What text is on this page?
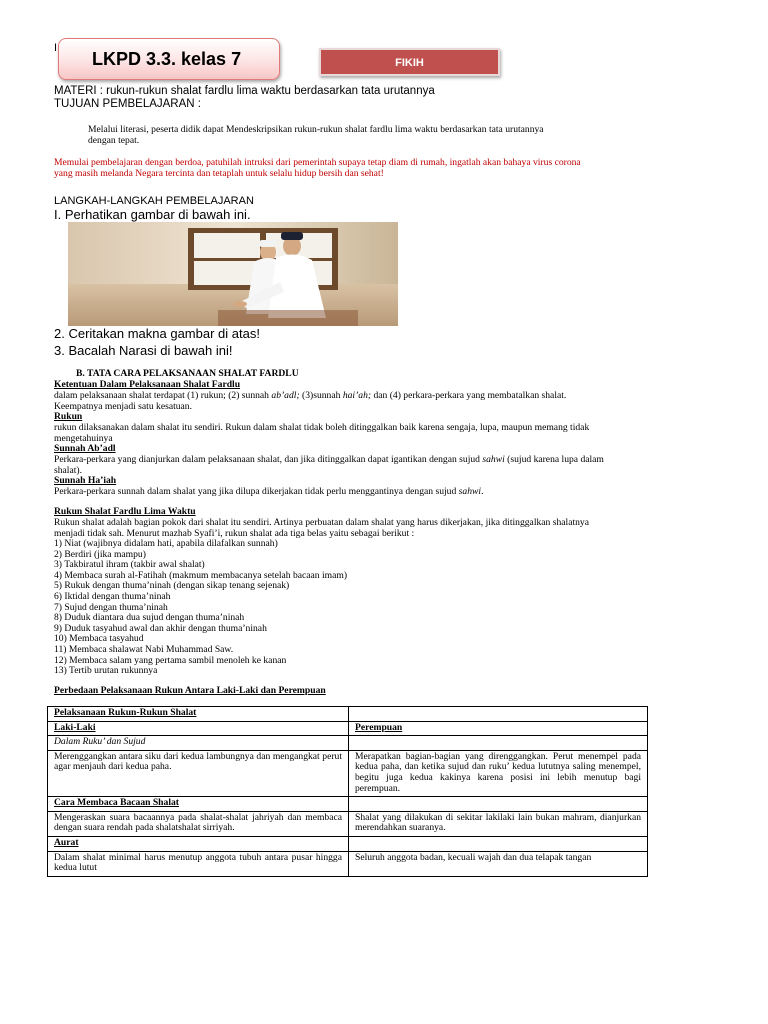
I
LKPD 3.3. kelas 7	FIKIH
MATERI : rukun-rukun shalat fardlu lima waktu berdasarkan tata urutannya
TUJUAN PEMBELAJARAN :
Melalui literasi, peserta didik dapat Mendeskripsikan rukun-rukun shalat fardlu lima waktu berdasarkan tata urutannya
dengan tepat.
Memulai pembelajaran dengan berdoa, patuhilah intruksi dari pemerintah supaya tetap diam di rumah, ingatlah akan bahaya virus corona
yang masih melanda Negara tercinta dan tetaplah untuk selalu hidup bersih dan sehat!
LANGKAH-LANGKAH PEMBELAJARAN
I. Perhatikan gambar di bawah ini.
2. Ceritakan makna gambar di atas!
3. Bacalah Narasi di bawah ini!
B. TATA CARA PELAKSANAAN SHALAT FARDLU
Ketentuan Dalam Pelaksanaan Shalat Fardlu
dalam pelaksanaan shalat terdapat (1) rukun; (2) sunnah ab’adl; (3)sunnah hai’ah; dan (4) perkara-perkara yang membatalkan shalat.
Keempatnya menjadi satu kesatuan.
Rukun
rukun dilaksanakan dalam shalat itu sendiri. Rukun dalam shalat tidak boleh ditinggalkan baik karena sengaja, lupa, maupun memang tidak
mengetahuinya
Sunnah Ab’adl
Perkara-perkara yang dianjurkan dalam pelaksanaan shalat, dan jika ditinggalkan dapat igantikan dengan sujud sahwi (sujud karena lupa dalam
shalat).
Sunnah Ha’iah
Perkara-perkara sunnah dalam shalat yang jika dilupa dikerjakan tidak perlu menggantinya dengan sujud sahwi.
Rukun Shalat Fardlu Lima Waktu
Rukun shalat adalah bagian pokok dari shalat itu sendiri. Artinya perbuatan dalam shalat yang harus dikerjakan, jika ditinggalkan shalatnya
menjadi tidak sah. Menurut mazhab Syafi’i, rukun shalat ada tiga belas yaitu sebagai berikut :
1) Niat (wajibnya didalam hati, apabila dilafalkan sunnah)
2) Berdiri (jika mampu)
3) Takbiratul ihram (takbir awal shalat)
4) Membaca surah al-Fatihah (makmum membacanya setelah bacaan imam)
5) Rukuk dengan thuma’ninah (dengan sikap tenang sejenak)
6) Iktidal dengan thuma’ninah
7) Sujud dengan thuma’ninah
8) Duduk diantara dua sujud dengan thuma’ninah
9) Duduk tasyahud awal dan akhir dengan thuma’ninah
10) Membaca tasyahud
11) Membaca shalawat Nabi Muhammad Saw.
12) Membaca salam yang pertama sambil menoleh ke kanan
13) Tertib urutan rukunnya
Perbedaan Pelaksanaan Rukun Antara Laki-Laki dan Perempuan
Pelaksanaan Rukun-Rukun Shalat	
Laki-Laki	Perempuan
Dalam Ruku’ dan Sujud	
Merenggangkan antara siku dari kedua lambungnya dan mengangkat perut agar menjauh dari kedua paha.	Merapatkan bagian-bagian yang direnggangkan. Perut menempel pada kedua paha, dan ketika sujud dan ruku’ kedua lututnya saling menempel, begitu juga kedua kakinya karena posisi ini lebih menutup bagi perempuan.
Cara Membaca Bacaan Shalat	
Mengeraskan suara bacaannya pada shalat-shalat jahriyah dan membaca dengan suara rendah pada shalatshalat sirriyah.	Shalat yang dilakukan di sekitar lakilaki lain bukan mahram, dianjurkan merendahkan suaranya.
Aurat	
Dalam shalat minimal harus menutup anggota tubuh antara pusar hingga kedua lutut	Seluruh anggota badan, kecuali wajah dan dua telapak tangan
